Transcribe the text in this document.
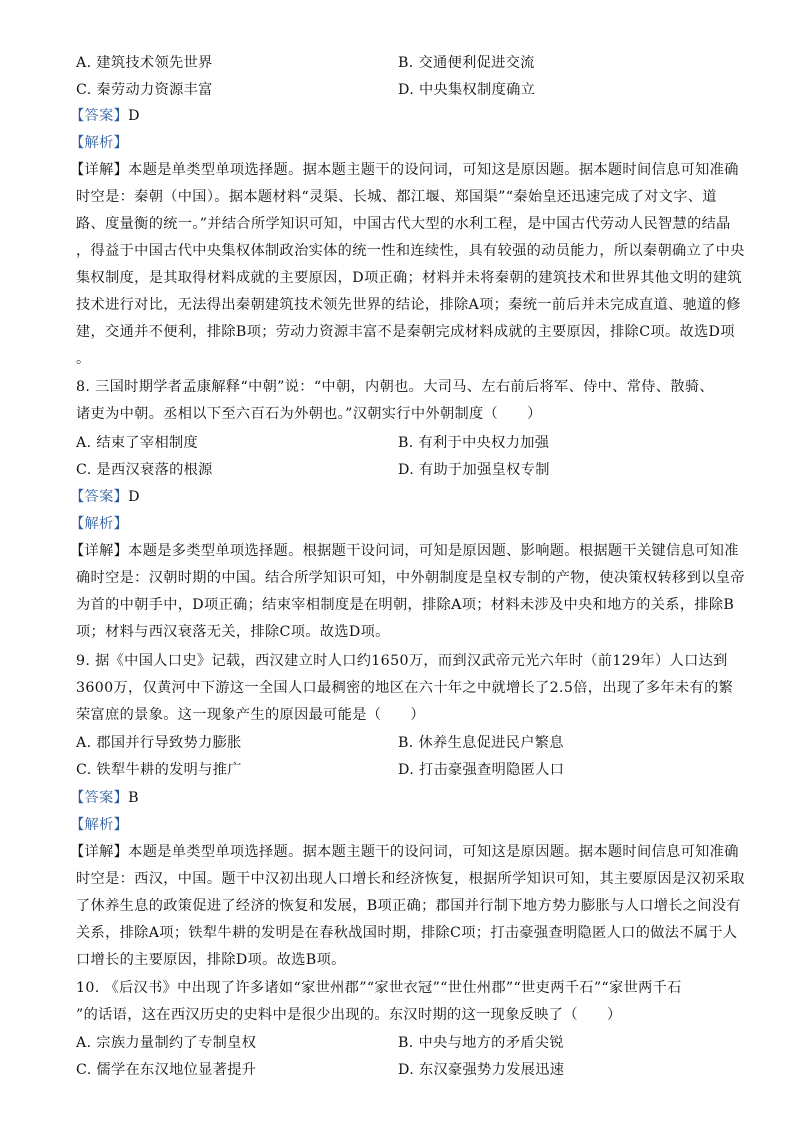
A. 建筑技术领先世界	B. 交通便利促进交流
C. 秦劳动力资源丰富	D. 中央集权制度确立
【答案】D
【解析】
【详解】本题是单类型单项选择题。据本题主题干的设问词，可知这是原因题。据本题时间信息可知准确
时空是：秦朝（中国）。据本题材料“灵渠、长城、都江堰、郑国渠”“秦始皇还迅速完成了对文字、道
路、度量衡的统一。”并结合所学知识可知，中国古代大型的水利工程，是中国古代劳动人民智慧的结晶
，得益于中国古代中央集权体制政治实体的统一性和连续性，具有较强的动员能力，所以秦朝确立了中央
集权制度，是其取得材料成就的主要原因，D项正确；材料并未将秦朝的建筑技术和世界其他文明的建筑
技术进行对比，无法得出秦朝建筑技术领先世界的结论，排除A项；秦统一前后并未完成直道、驰道的修
建，交通并不便利，排除B项；劳动力资源丰富不是秦朝完成材料成就的主要原因，排除C项。故选D项
。
8. 三国时期学者孟康解释“中朝”说：“中朝，内朝也。大司马、左右前后将军、侍中、常侍、散骑、
诸吏为中朝。丞相以下至六百石为外朝也。”汉朝实行中外朝制度（　　）
A. 结束了宰相制度	B. 有利于中央权力加强
C. 是西汉衰落的根源	D. 有助于加强皇权专制
【答案】D
【解析】
【详解】本题是多类型单项选择题。根据题干设问词，可知是原因题、影响题。根据题干关键信息可知准
确时空是：汉朝时期的中国。结合所学知识可知，中外朝制度是皇权专制的产物，使决策权转移到以皇帝
为首的中朝手中，D项正确；结束宰相制度是在明朝，排除A项；材料未涉及中央和地方的关系，排除B
项；材料与西汉衰落无关，排除C项。故选D项。
9. 据《中国人口史》记载，西汉建立时人口约1650万，而到汉武帝元光六年时（前129年）人口达到
3600万，仅黄河中下游这一全国人口最稠密的地区在六十年之中就增长了2.5倍，出现了多年未有的繁
荣富庶的景象。这一现象产生的原因最可能是（　　）
A. 郡国并行导致势力膨胀	B. 休养生息促进民户繁息
C. 铁犁牛耕的发明与推广	D. 打击豪强查明隐匿人口
【答案】B
【解析】
【详解】本题是单类型单项选择题。据本题主题干的设问词，可知这是原因题。据本题时间信息可知准确
时空是：西汉，中国。题干中汉初出现人口增长和经济恢复，根据所学知识可知，其主要原因是汉初采取
了休养生息的政策促进了经济的恢复和发展，B项正确；郡国并行制下地方势力膨胀与人口增长之间没有
关系，排除A项；铁犁牛耕的发明是在春秋战国时期，排除C项；打击豪强查明隐匿人口的做法不属于人
口增长的主要原因，排除D项。故选B项。
10. 《后汉书》中出现了许多诸如“家世州郡”“家世衣冠”“世仕州郡”“世吏两千石”“家世两千石
”的话语，这在西汉历史的史料中是很少出现的。东汉时期的这一现象反映了（　　）
A. 宗族力量制约了专制皇权	B. 中央与地方的矛盾尖锐
C. 儒学在东汉地位显著提升	D. 东汉豪强势力发展迅速
